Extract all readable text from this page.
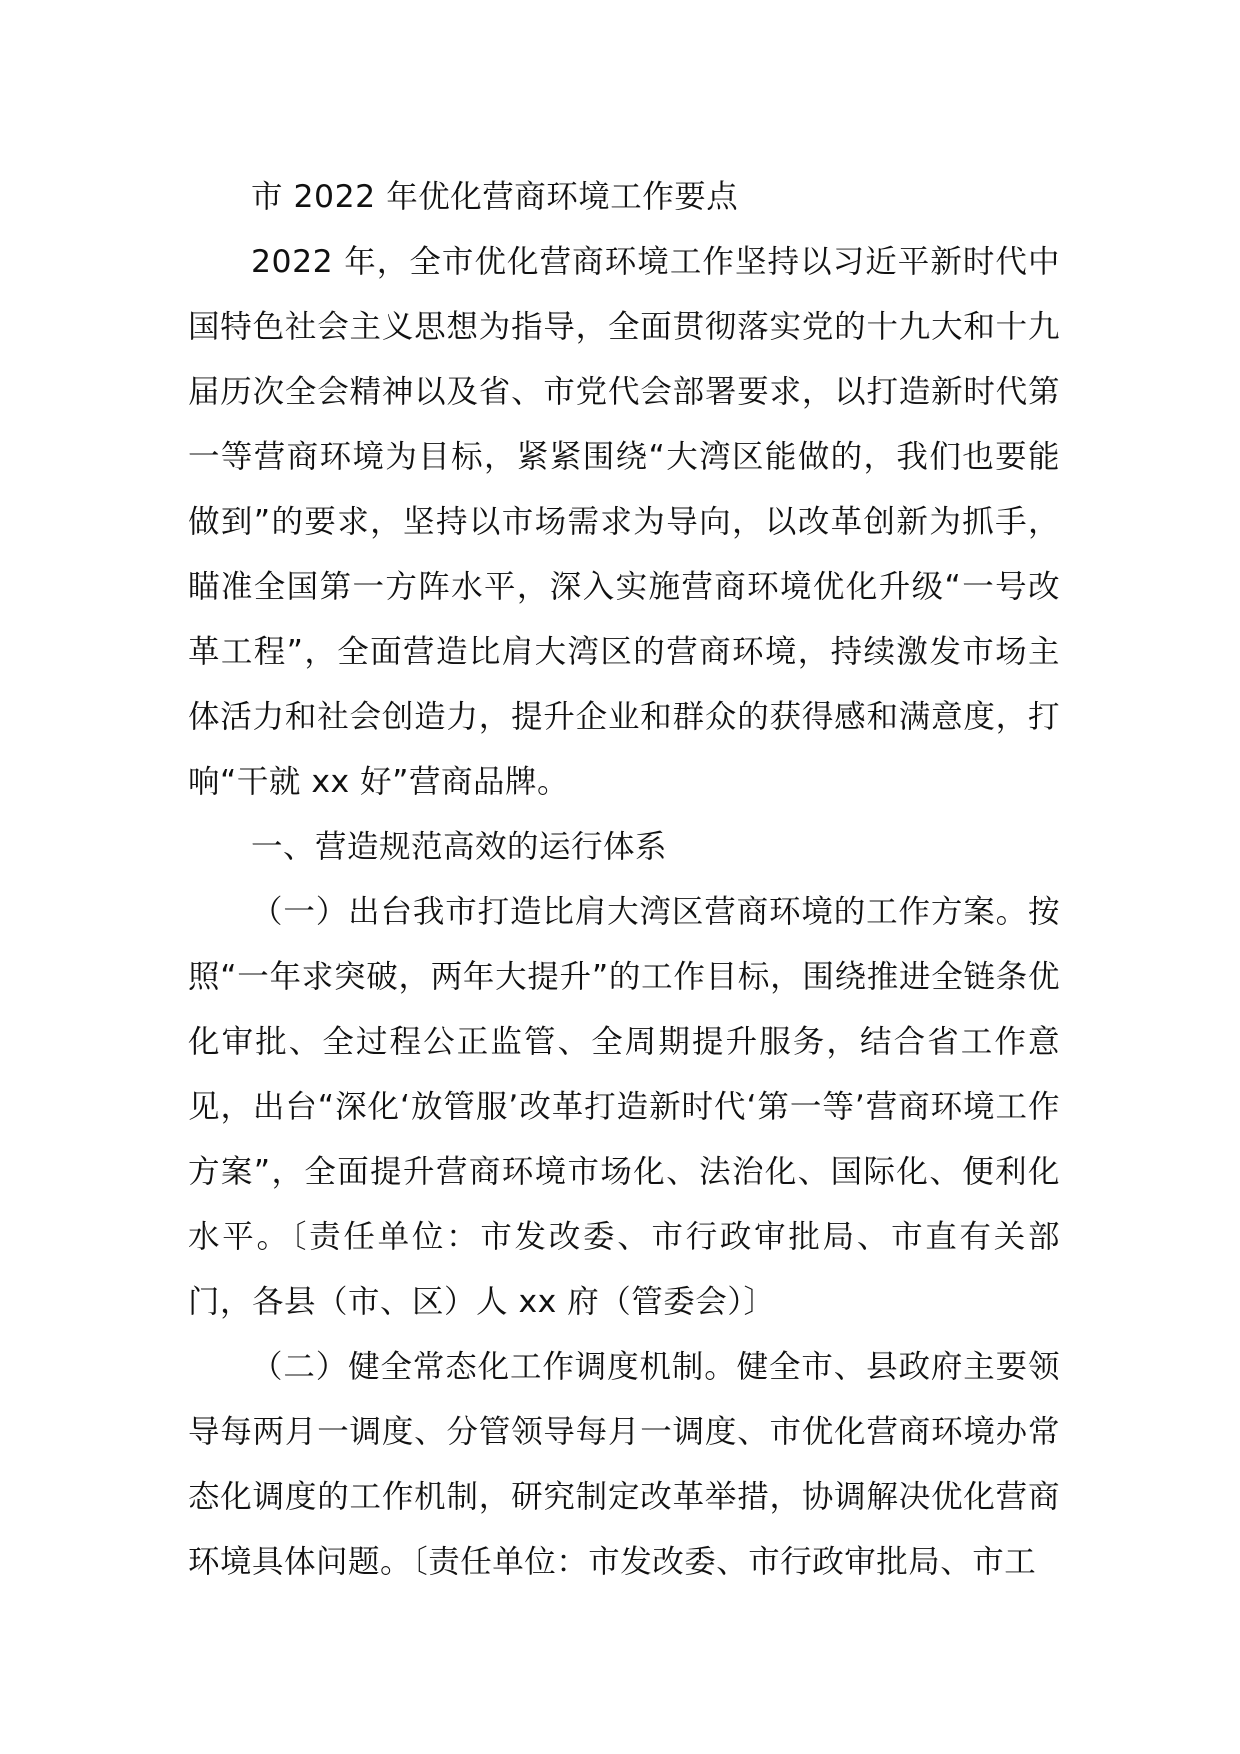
市 2022 年优化营商环境工作要点

2022 年，全市优化营商环境工作坚持以习近平新时代中国特色社会主义思想为指导，全面贯彻落实党的十九大和十九届历次全会精神以及省、市党代会部署要求，以打造新时代第一等营商环境为目标，紧紧围绕“大湾区能做的，我们也要能做到”的要求，坚持以市场需求为导向，以改革创新为抓手，瞄准全国第一方阵水平，深入实施营商环境优化升级“一号改革工程”，全面营造比肩大湾区的营商环境，持续激发市场主体活力和社会创造力，提升企业和群众的获得感和满意度，打响“干就 xx 好”营商品牌。

一、营造规范高效的运行体系

（一）出台我市打造比肩大湾区营商环境的工作方案。按照“一年求突破，两年大提升”的工作目标，围绕推进全链条优化审批、全过程公正监管、全周期提升服务，结合省工作意见，出台“深化‘放管服’改革打造新时代‘第一等’营商环境工作方案”，全面提升营商环境市场化、法治化、国际化、便利化水平。〔责任单位：市发改委、市行政审批局、市直有关部门，各县（市、区）人 xx 府（管委会）〕

（二）健全常态化工作调度机制。健全市、县政府主要领导每两月一调度、分管领导每月一调度、市优化营商环境办常态化调度的工作机制，研究制定改革举措，协调解决优化营商环境具体问题。〔责任单位：市发改委、市行政审批局、市工
